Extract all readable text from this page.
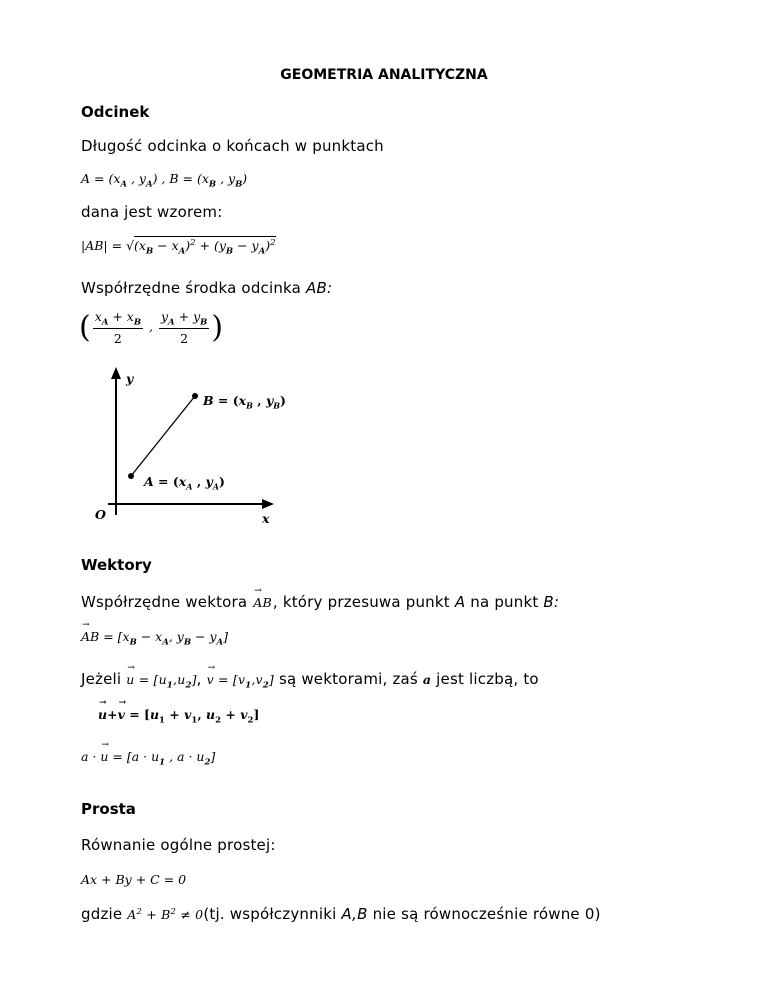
GEOMETRIA ANALITYCZNA
Odcinek
Długość odcinka o końcach w punktach
$A = (x_A$ , $y_A$) , $B = (x_B$ , $y_B$)
dana jest wzorem:
$|AB| = √(x_B - x_A)^2 + (y_B - y_A)^2$
Współrzędne środka odcinka AB:
( $\frac{x_A + x_B}{2}$ , $\frac{y_A + y_B}{2}$ )
y
O	x
$B = (x_B$ , $y_B$)
$A = (x_A$ , $y_A$)
Wektory
Współrzędne wektora → AB, który przesuwa punkt A na punkt B:
→ AB = [$x_B - x_A$, $y_B - y_A$]
Jeżeli → $u = [u_1,u_2]$, → $v = [v_1,v_2]$ są wektorami, zaś a jest liczbą, to
→ $u+\to v = [u_1 + v_1$, $u_2 + v_2$]
a · → $u = [a \cdot u_1$ , $a \cdot u_2$]
Prosta
Równanie ogólne prostej:
Ax + By + C = 0
gdzie $A^2 + B^2 \ne 0(tj$. współczynniki A,B nie są równocześnie równe 0)
